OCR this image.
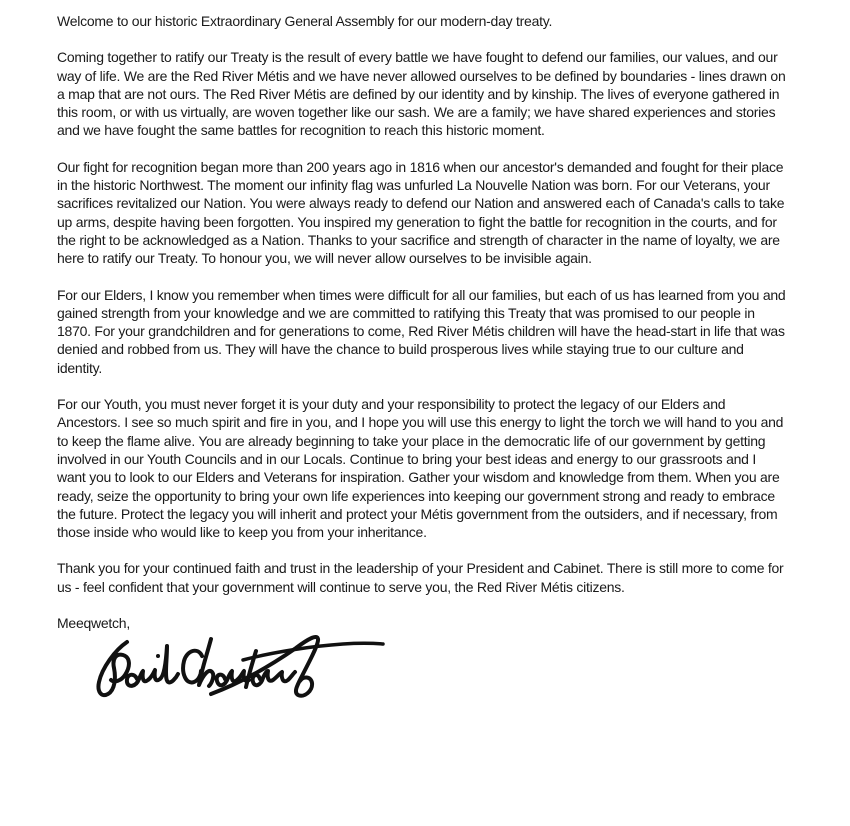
Welcome to our historic Extraordinary General Assembly for our modern-day treaty.

Coming together to ratify our Treaty is the result of every battle we have fought to defend our families, our values, and our way of life. We are the Red River Métis and we have never allowed ourselves to be defined by boundaries - lines drawn on a map that are not ours. The Red River Métis are defined by our identity and by kinship. The lives of everyone gathered in this room, or with us virtually, are woven together like our sash. We are a family; we have shared experiences and stories and we have fought the same battles for recognition to reach this historic moment.

Our fight for recognition began more than 200 years ago in 1816 when our ancestor's demanded and fought for their place in the historic Northwest. The moment our infinity flag was unfurled La Nouvelle Nation was born. For our Veterans, your sacrifices revitalized our Nation. You were always ready to defend our Nation and answered each of Canada's calls to take up arms, despite having been forgotten. You inspired my generation to fight the battle for recognition in the courts, and for the right to be acknowledged as a Nation. Thanks to your sacrifice and strength of character in the name of loyalty, we are here to ratify our Treaty. To honour you, we will never allow ourselves to be invisible again.

For our Elders, I know you remember when times were difficult for all our families, but each of us has learned from you and gained strength from your knowledge and we are committed to ratifying this Treaty that was promised to our people in 1870. For your grandchildren and for generations to come, Red River Métis children will have the head-start in life that was denied and robbed from us. They will have the chance to build prosperous lives while staying true to our culture and identity.

For our Youth, you must never forget it is your duty and your responsibility to protect the legacy of our Elders and Ancestors. I see so much spirit and fire in you, and I hope you will use this energy to light the torch we will hand to you and to keep the flame alive. You are already beginning to take your place in the democratic life of our government by getting involved in our Youth Councils and in our Locals. Continue to bring your best ideas and energy to our grassroots and I want you to look to our Elders and Veterans for inspiration. Gather your wisdom and knowledge from them. When you are ready, seize the opportunity to bring your own life experiences into keeping our government strong and ready to embrace the future. Protect the legacy you will inherit and protect your Métis government from the outsiders, and if necessary, from those inside who would like to keep you from your inheritance.

Thank you for your continued faith and trust in the leadership of your President and Cabinet. There is still more to come for us - feel confident that your government will continue to serve you, the Red River Métis citizens.

Meeqwetch,
